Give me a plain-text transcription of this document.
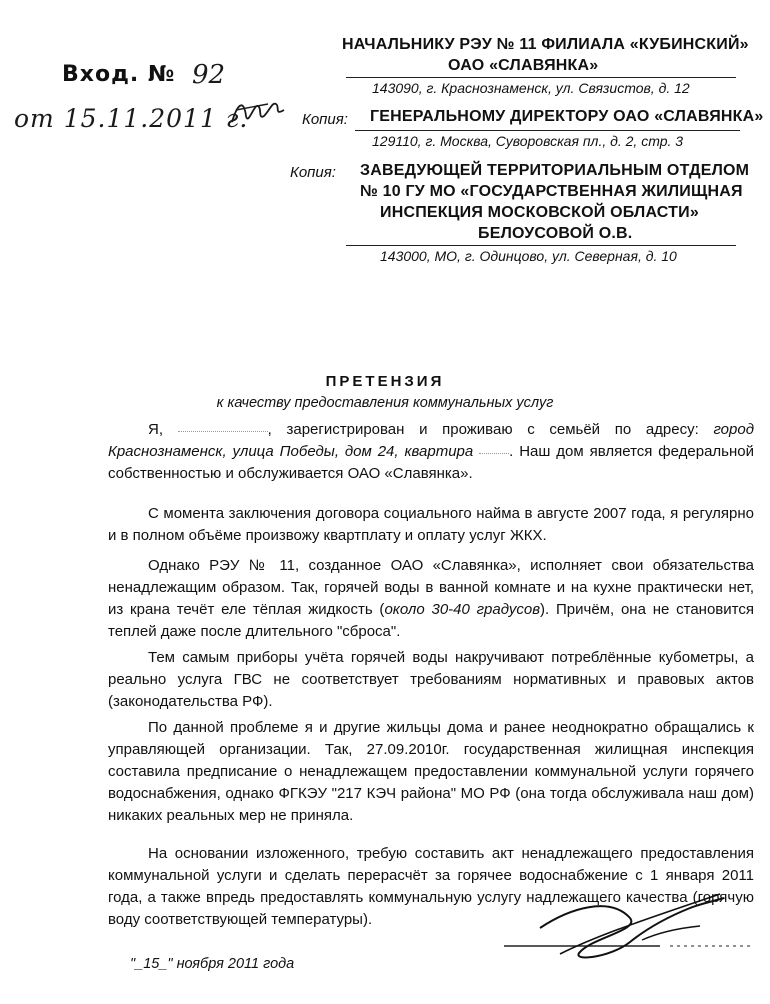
Вход. № 92
от 15.11.2011 г.
НАЧАЛЬНИКУ РЭУ № 11 ФИЛИАЛА «КУБИНСКИЙ»
ОАО «СЛАВЯНКА»
143090, г. Краснознаменск, ул. Связистов, д. 12
Копия: ГЕНЕРАЛЬНОМУ ДИРЕКТОРУ ОАО «СЛАВЯНКА»
129110, г. Москва, Суворовская пл., д. 2, стр. 3
Копия: ЗАВЕДУЮЩЕЙ ТЕРРИТОРИАЛЬНЫМ ОТДЕЛОМ
№ 10 ГУ МО «ГОСУДАРСТВЕННАЯ ЖИЛИЩНАЯ
ИНСПЕКЦИЯ МОСКОВСКОЙ ОБЛАСТИ»
БЕЛОУСОВОЙ О.В.
143000, МО, г. Одинцово, ул. Северная, д. 10
ПРЕТЕНЗИЯ
к качеству предоставления коммунальных услуг

Я,	, зарегистрирован и проживаю с семьёй по адресу: город Краснознаменск, улица Победы, дом 24, квартира . Наш дом является федеральной собственностью и обслуживается ОАО «Славянка».

С момента заключения договора социального найма в августе 2007 года, я регулярно и в полном объёме произвожу квартплату и оплату услуг ЖКХ.

Однако РЭУ № 11, созданное ОАО «Славянка», исполняет свои обязательства ненадлежащим образом. Так, горячей воды в ванной комнате и на кухне практически нет, из крана течёт еле тёплая жидкость (около 30-40 градусов). Причём, она не становится теплей даже после длительного "сброса".

Тем самым приборы учёта горячей воды накручивают потреблённые кубометры, а реально услуга ГВС не соответствует требованиям нормативных и правовых актов (законодательства РФ).

По данной проблеме я и другие жильцы дома и ранее неоднократно обращались к управляющей организации. Так, 27.09.2010г. государственная жилищная инспекция составила предписание о ненадлежащем предоставлении коммунальной услуги горячего водоснабжения, однако ФГКЭУ "217 КЭЧ района" МО РФ (она тогда обслуживала наш дом) никаких реальных мер не приняла.

На основании изложенного, требую составить акт ненадлежащего предоставления коммунальной услуги и сделать перерасчёт за горячее водоснабжение с 1 января 2011 года, а также впредь предоставлять коммунальную услугу надлежащего качества (горячую воду соответствующей температуры).

"_15_" ноября 2011 года
